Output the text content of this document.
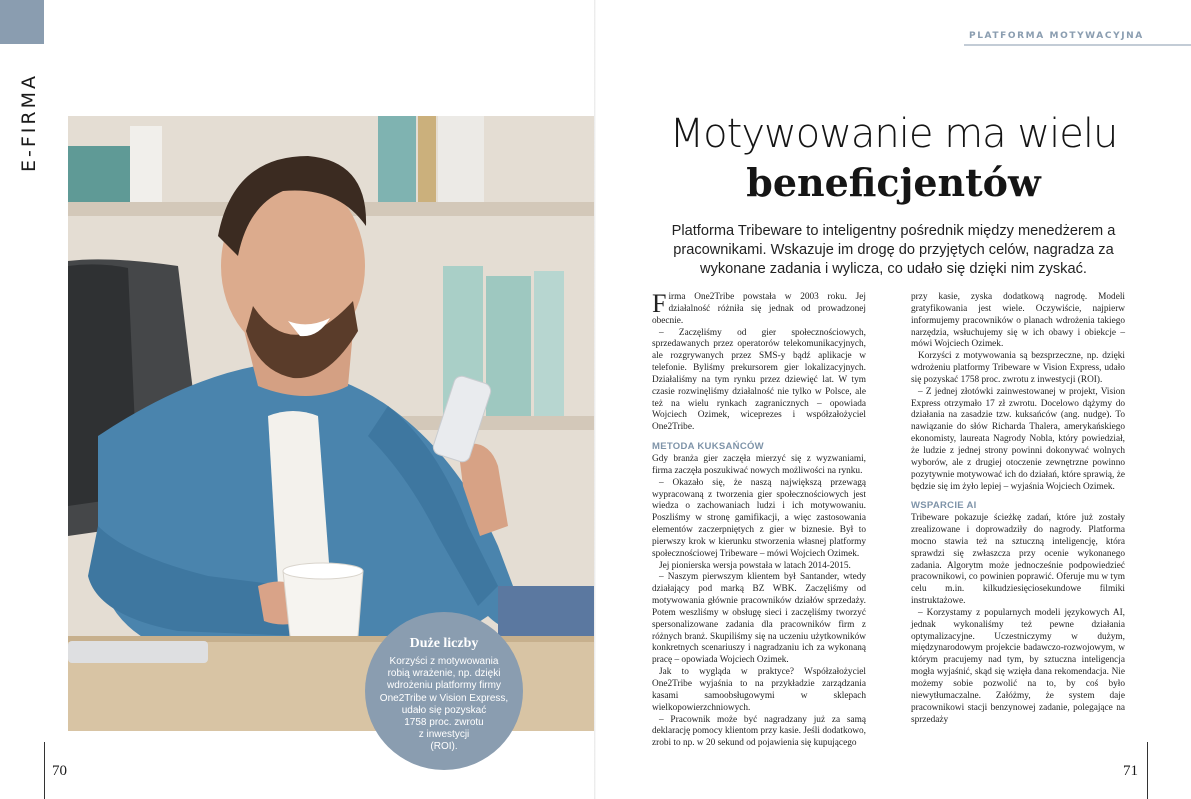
E-FIRMA
Duże liczby
Korzyści z motywowania
robią wrażenie, np. dzięki
wdrożeniu platformy firmy
One2Tribe w Vision Express,
udało się pozyskać
1758 proc. zwrotu
z inwestycji
(ROI).
70
PLATFORMA MOTYWACYJNA
Motywowanie ma wielu
beneficjentów
Platforma Tribeware to inteligentny pośrednik między menedżerem a pracownikami. Wskazuje im drogę do przyjętych celów, nagradza za wykonane zadania i wylicza, co udało się dzięki nim zyskać.

Firma One2Tribe powstała w 2003 roku. Jej działalność różniła się jednak od prowadzonej obecnie.

– Zaczęliśmy od gier społecznościowych, sprzedawanych przez operatorów telekomunikacyjnych, ale rozgrywanych przez SMS-y bądź aplikacje w telefonie. Byliśmy prekursorem gier lokalizacyjnych. Działaliśmy na tym rynku przez dziewięć lat. W tym czasie rozwinęliśmy działalność nie tylko w Polsce, ale też na wielu rynkach zagranicznych – opowiada Wojciech Ozimek, wiceprezes i współzałożyciel One2Tribe.

METODA KUKSAŃCÓW

Gdy branża gier zaczęła mierzyć się z wyzwaniami, firma zaczęła poszukiwać nowych możliwości na rynku.

– Okazało się, że naszą największą przewagą wypracowaną z tworzenia gier społecznościowych jest wiedza o zachowaniach ludzi i ich motywowaniu. Poszliśmy w stronę gamifikacji, a więc zastosowania elementów zaczerpniętych z gier w biznesie. Był to pierwszy krok w kierunku stworzenia własnej platformy społecznościowej Tribeware – mówi Wojciech Ozimek.

Jej pionierska wersja powstała w latach 2014-2015.

– Naszym pierwszym klientem był Santander, wtedy działający pod marką BZ WBK. Zaczęliśmy od motywowania głównie pracowników działów sprzedaży. Potem weszliśmy w obsługę sieci i zaczęliśmy tworzyć spersonalizowane zadania dla pracowników firm z różnych branż. Skupiliśmy się na uczeniu użytkowników konkretnych scenariuszy i nagradzaniu ich za wykonaną pracę – opowiada Wojciech Ozimek.

Jak to wygląda w praktyce? Współzałożyciel One2Tribe wyjaśnia to na przykładzie zarządzania kasami samoobsługowymi w sklepach wielkopowierzchniowych.

– Pracownik może być nagradzany już za samą deklarację pomocy klientom przy kasie. Jeśli dodatkowo, zrobi to np. w 20 sekund od pojawienia się kupującego

przy kasie, zyska dodatkową nagrodę. Modeli gratyfikowania jest wiele. Oczywiście, najpierw informujemy pracowników o planach wdrożenia takiego narzędzia, wsłuchujemy się w ich obawy i obiekcje – mówi Wojciech Ozimek.

Korzyści z motywowania są bezsprzeczne, np. dzięki wdrożeniu platformy Tribeware w Vision Express, udało się pozyskać 1758 proc. zwrotu z inwestycji (ROI).

– Z jednej złotówki zainwestowanej w projekt, Vision Express otrzymało 17 zł zwrotu. Docelowo dążymy do działania na zasadzie tzw. kuksańców (ang. nudge). To nawiązanie do słów Richarda Thalera, amerykańskiego ekonomisty, laureata Nagrody Nobla, który powiedział, że ludzie z jednej strony powinni dokonywać wolnych wyborów, ale z drugiej otoczenie zewnętrzne powinno pozytywnie motywować ich do działań, które sprawią, że będzie się im żyło lepiej – wyjaśnia Wojciech Ozimek.

WSPARCIE AI

Tribeware pokazuje ścieżkę zadań, które już zostały zrealizowane i doprowadziły do nagrody. Platforma mocno stawia też na sztuczną inteligencję, która sprawdzi się zwłaszcza przy ocenie wykonanego zadania. Algorytm może jednocześnie podpowiedzieć pracownikowi, co powinien poprawić. Oferuje mu w tym celu m.in. kilkudziesięciosekundowe filmiki instruktażowe.

– Korzystamy z popularnych modeli językowych AI, jednak wykonaliśmy też pewne działania optymalizacyjne. Uczestniczymy w dużym, międzynarodowym projekcie badawczo-rozwojowym, w którym pracujemy nad tym, by sztuczna inteligencja mogła wyjaśnić, skąd się wzięła dana rekomendacja. Nie możemy sobie pozwolić na to, by coś było niewytłumaczalne. Załóżmy, że system daje pracownikowi stacji benzynowej zadanie, polegające na sprzedaży

71
